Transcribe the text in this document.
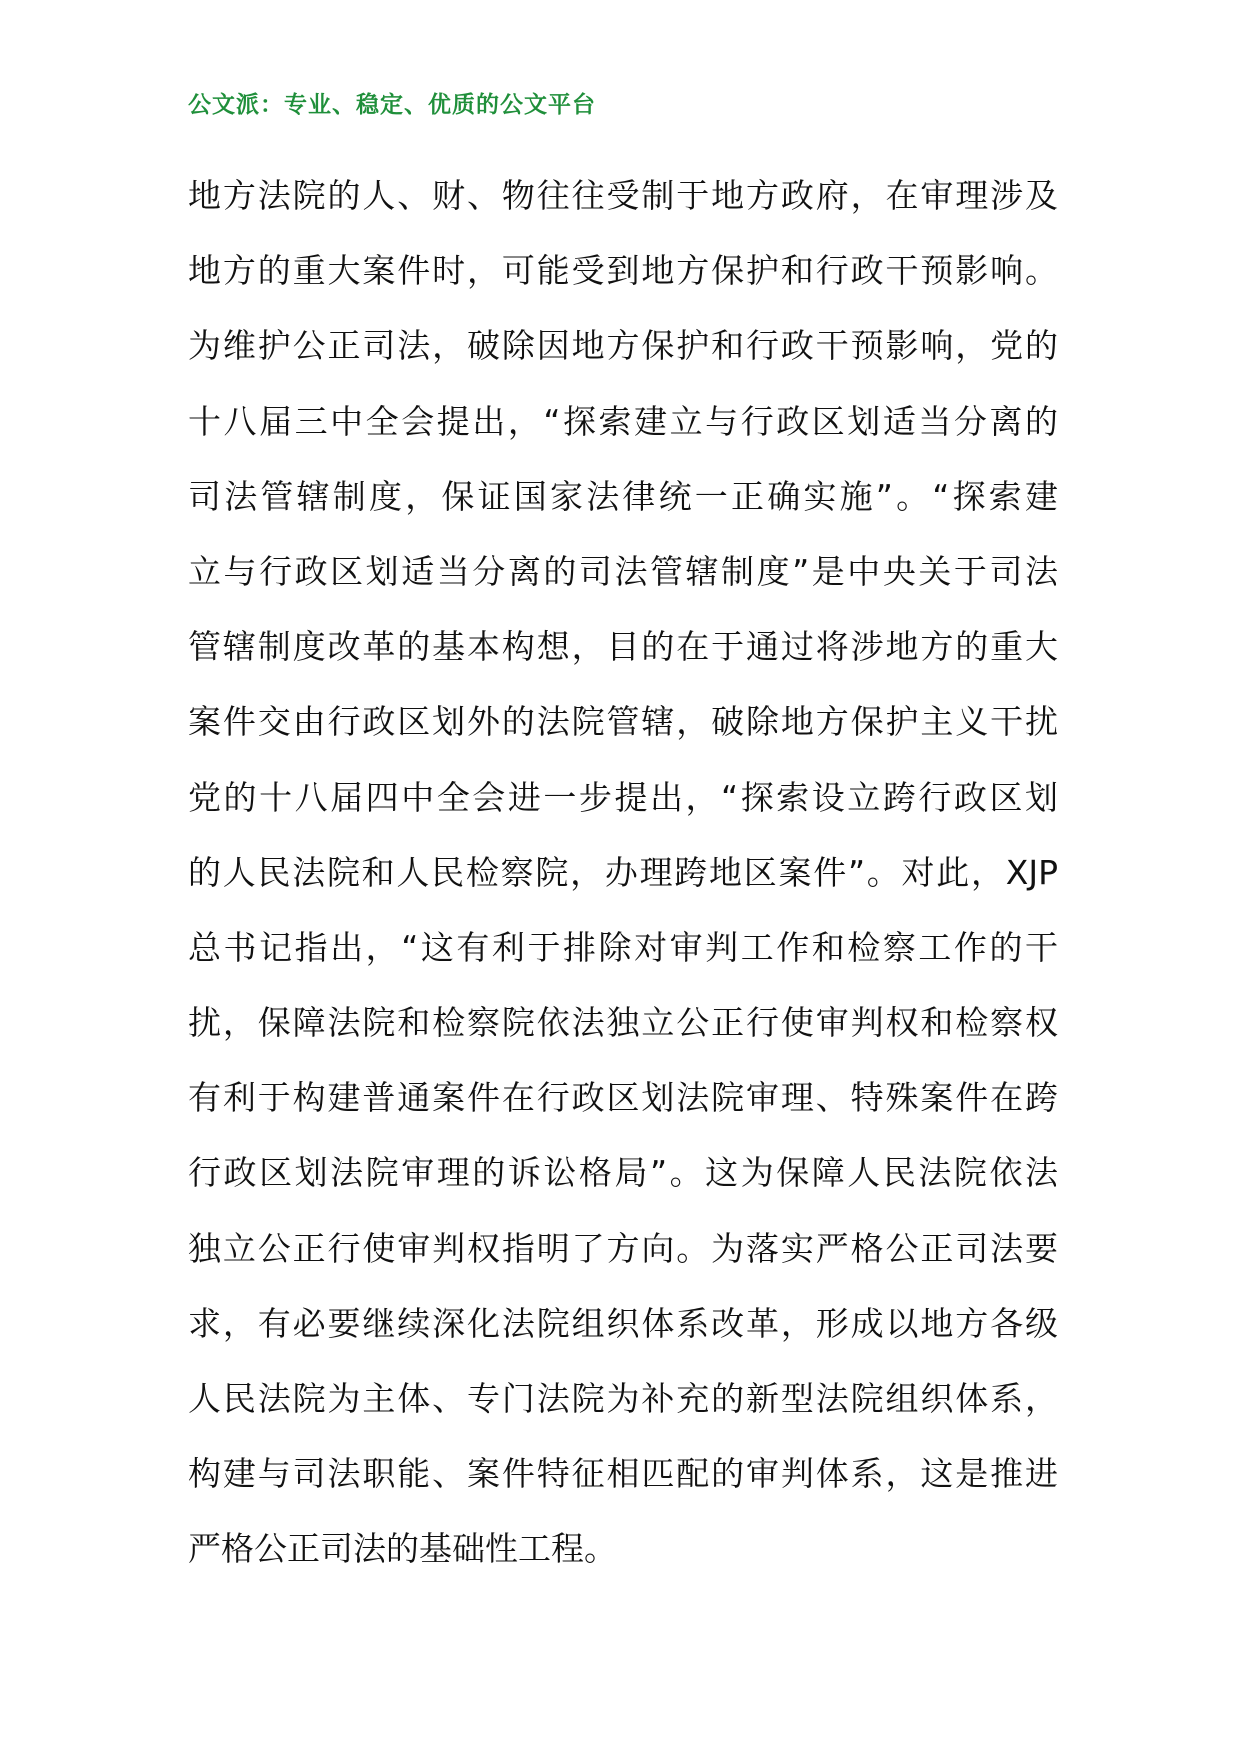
公文派：专业、稳定、优质的公文平台
地方法院的人、财、物往往受制于地方政府，在审理涉及
地方的重大案件时，可能受到地方保护和行政干预影响。
为维护公正司法，破除因地方保护和行政干预影响，党的
十八届三中全会提出，“探索建立与行政区划适当分离的
司法管辖制度，保证国家法律统一正确实施”。“探索建
立与行政区划适当分离的司法管辖制度”是中央关于司法
管辖制度改革的基本构想，目的在于通过将涉地方的重大
案件交由行政区划外的法院管辖，破除地方保护主义干扰
党的十八届四中全会进一步提出，“探索设立跨行政区划
的人民法院和人民检察院，办理跨地区案件”。对此，XJP
总书记指出，“这有利于排除对审判工作和检察工作的干
扰，保障法院和检察院依法独立公正行使审判权和检察权
有利于构建普通案件在行政区划法院审理、特殊案件在跨
行政区划法院审理的诉讼格局”。这为保障人民法院依法
独立公正行使审判权指明了方向。为落实严格公正司法要
求，有必要继续深化法院组织体系改革，形成以地方各级
人民法院为主体、专门法院为补充的新型法院组织体系，
构建与司法职能、案件特征相匹配的审判体系，这是推进
严格公正司法的基础性工程。
